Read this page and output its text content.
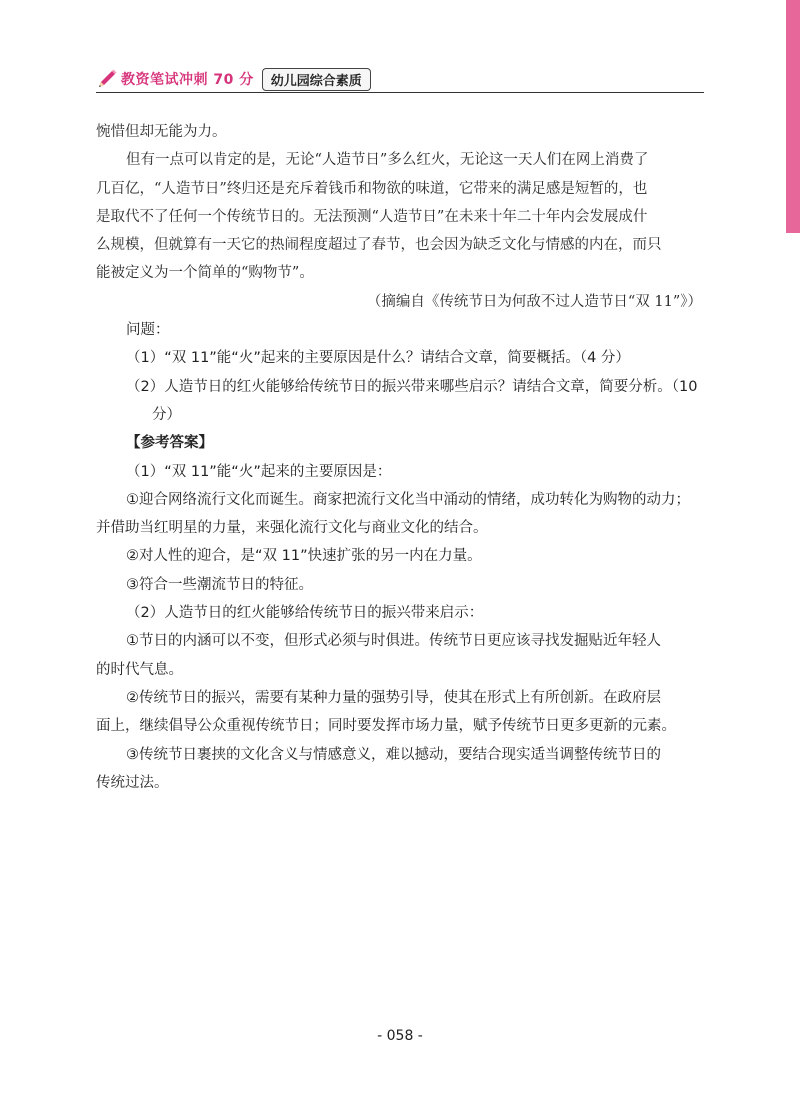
教资笔试冲刺 70 分	幼儿园综合素质

惋惜但却无能为力。

但有一点可以肯定的是，无论“人造节日”多么红火，无论这一天人们在网上消费了

几百亿，“人造节日”终归还是充斥着钱币和物欲的味道，它带来的满足感是短暂的，也

是取代不了任何一个传统节日的。无法预测“人造节日”在未来十年二十年内会发展成什

么规模，但就算有一天它的热闹程度超过了春节，也会因为缺乏文化与情感的内在，而只

能被定义为一个简单的“购物节”。

（摘编自《传统节日为何敌不过人造节日“双 11”》）

问题：

（1）“双 11”能“火”起来的主要原因是什么？请结合文章，简要概括。（4 分）

（2）人造节日的红火能够给传统节日的振兴带来哪些启示？请结合文章，简要分析。（10

分）

【参考答案】

（1）“双 11”能“火”起来的主要原因是：

①迎合网络流行文化而诞生。商家把流行文化当中涌动的情绪，成功转化为购物的动力；

并借助当红明星的力量，来强化流行文化与商业文化的结合。

②对人性的迎合，是“双 11”快速扩张的另一内在力量。

③符合一些潮流节日的特征。

（2）人造节日的红火能够给传统节日的振兴带来启示：

①节日的内涵可以不变，但形式必须与时俱进。传统节日更应该寻找发掘贴近年轻人

的时代气息。

②传统节日的振兴，需要有某种力量的强势引导，使其在形式上有所创新。在政府层

面上，继续倡导公众重视传统节日；同时要发挥市场力量，赋予传统节日更多更新的元素。

③传统节日裹挟的文化含义与情感意义，难以撼动，要结合现实适当调整传统节日的

传统过法。

- 058 -
